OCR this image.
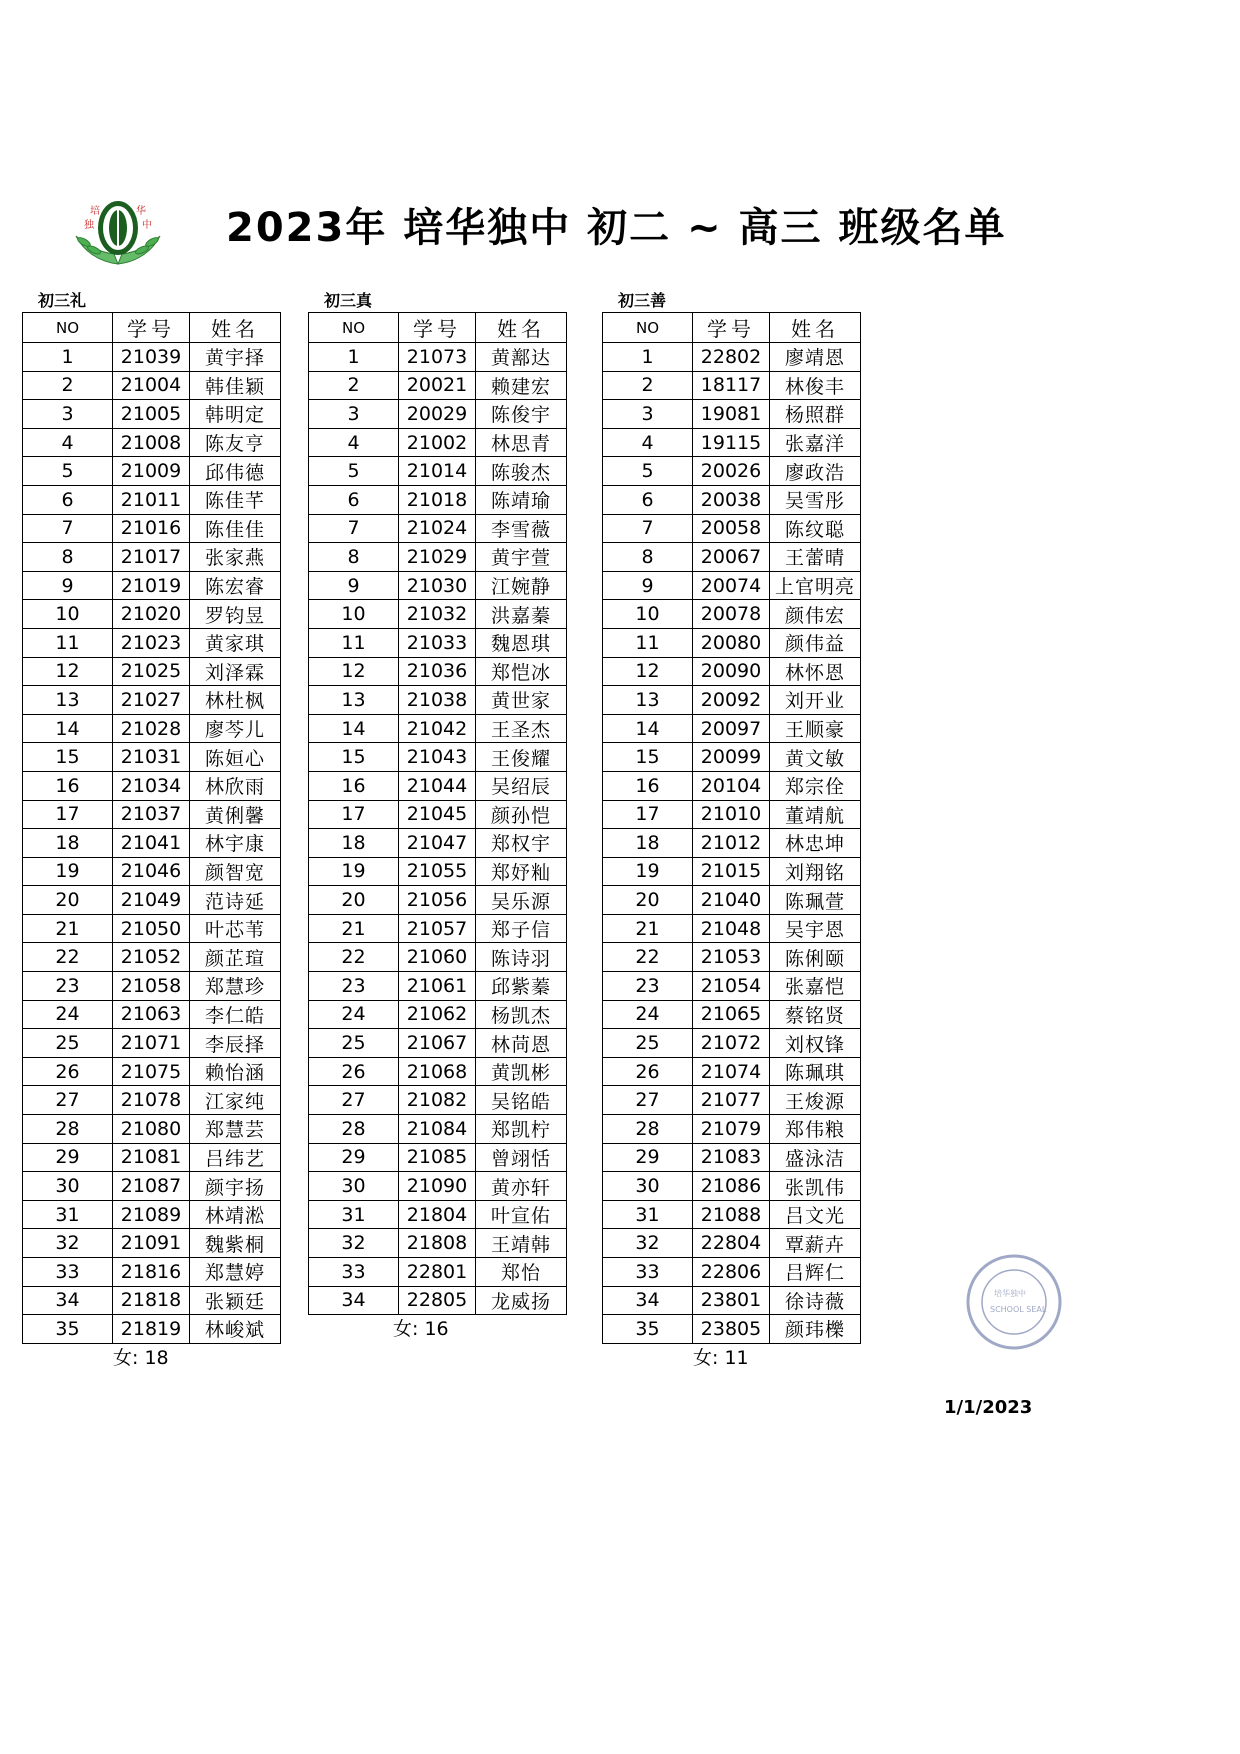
培	华
独	中 2023年 培华独中 初二 ~ 高三 班级名单
初三礼
NO	学号	姓名
1	21039	黄宇择
2	21004	韩佳颖
3	21005	韩明定
4	21008	陈友亨
5	21009	邱伟德
6	21011	陈佳芊
7	21016	陈佳佳
8	21017	张家燕
9	21019	陈宏睿
10	21020	罗钧昱
11	21023	黄家琪
12	21025	刘泽霖
13	21027	林杜枫
14	21028	廖芩儿
15	21031	陈姮心
16	21034	林欣雨
17	21037	黄俐馨
18	21041	林宇康
19	21046	颜智宽
20	21049	范诗延
21	21050	叶芯苇
22	21052	颜芷瑄
23	21058	郑慧珍
24	21063	李仁皓
25	21071	李辰择
26	21075	赖怡涵
27	21078	江家纯
28	21080	郑慧芸
29	21081	吕纬艺
30	21087	颜宇扬
31	21089	林靖淞
32	21091	魏紫桐
33	21816	郑慧婷
34	21818	张颖廷
35	21819	林峻斌
女: 18
初三真
NO	学号	姓名
1	21073	黄鄯达
2	20021	赖建宏
3	20029	陈俊宇
4	21002	林思青
5	21014	陈骏杰
6	21018	陈靖瑜
7	21024	李雪薇
8	21029	黄宇萱
9	21030	江婉静
10	21032	洪嘉蓁
11	21033	魏恩琪
12	21036	郑恺冰
13	21038	黄世家
14	21042	王圣杰
15	21043	王俊耀
16	21044	吴绍辰
17	21045	颜孙恺
18	21047	郑权宇
19	21055	郑妤籼
20	21056	吴乐源
21	21057	郑子信
22	21060	陈诗羽
23	21061	邱紫蓁
24	21062	杨凯杰
25	21067	林苘恩
26	21068	黄凯彬
27	21082	吴铭皓
28	21084	郑凯柠
29	21085	曾翊恬
30	21090	黄亦轩
31	21804	叶宣佑
32	21808	王靖韩
33	22801	郑怡
34	22805	龙威扬
女: 16
初三善
NO	学号	姓名
1	22802	廖靖恩
2	18117	林俊丰
3	19081	杨照群
4	19115	张嘉洋
5	20026	廖政浩
6	20038	吴雪彤
7	20058	陈纹聪
8	20067	王蕾晴
9	20074	上官明亮
10	20078	颜伟宏
11	20080	颜伟益
12	20090	林怀恩
13	20092	刘开业
14	20097	王顺豪
15	20099	黄文敏
16	20104	郑宗佺
17	21010	董靖航
18	21012	林忠坤
19	21015	刘翔铭
20	21040	陈珮萱
21	21048	吴宇恩
22	21053	陈俐颐
23	21054	张嘉恺
24	21065	蔡铭贤
25	21072	刘权锋
26	21074	陈珮琪
27	21077	王焌源
28	21079	郑伟粮
29	21083	盛泳洁
30	21086	张凯伟
31	21088	吕文光
32	22804	覃薪卉
33	22806	吕辉仁
34	23801	徐诗薇
35	23805	颜玮櫟
女: 11
培华独中
SCHOOL SEAL
1/1/2023
